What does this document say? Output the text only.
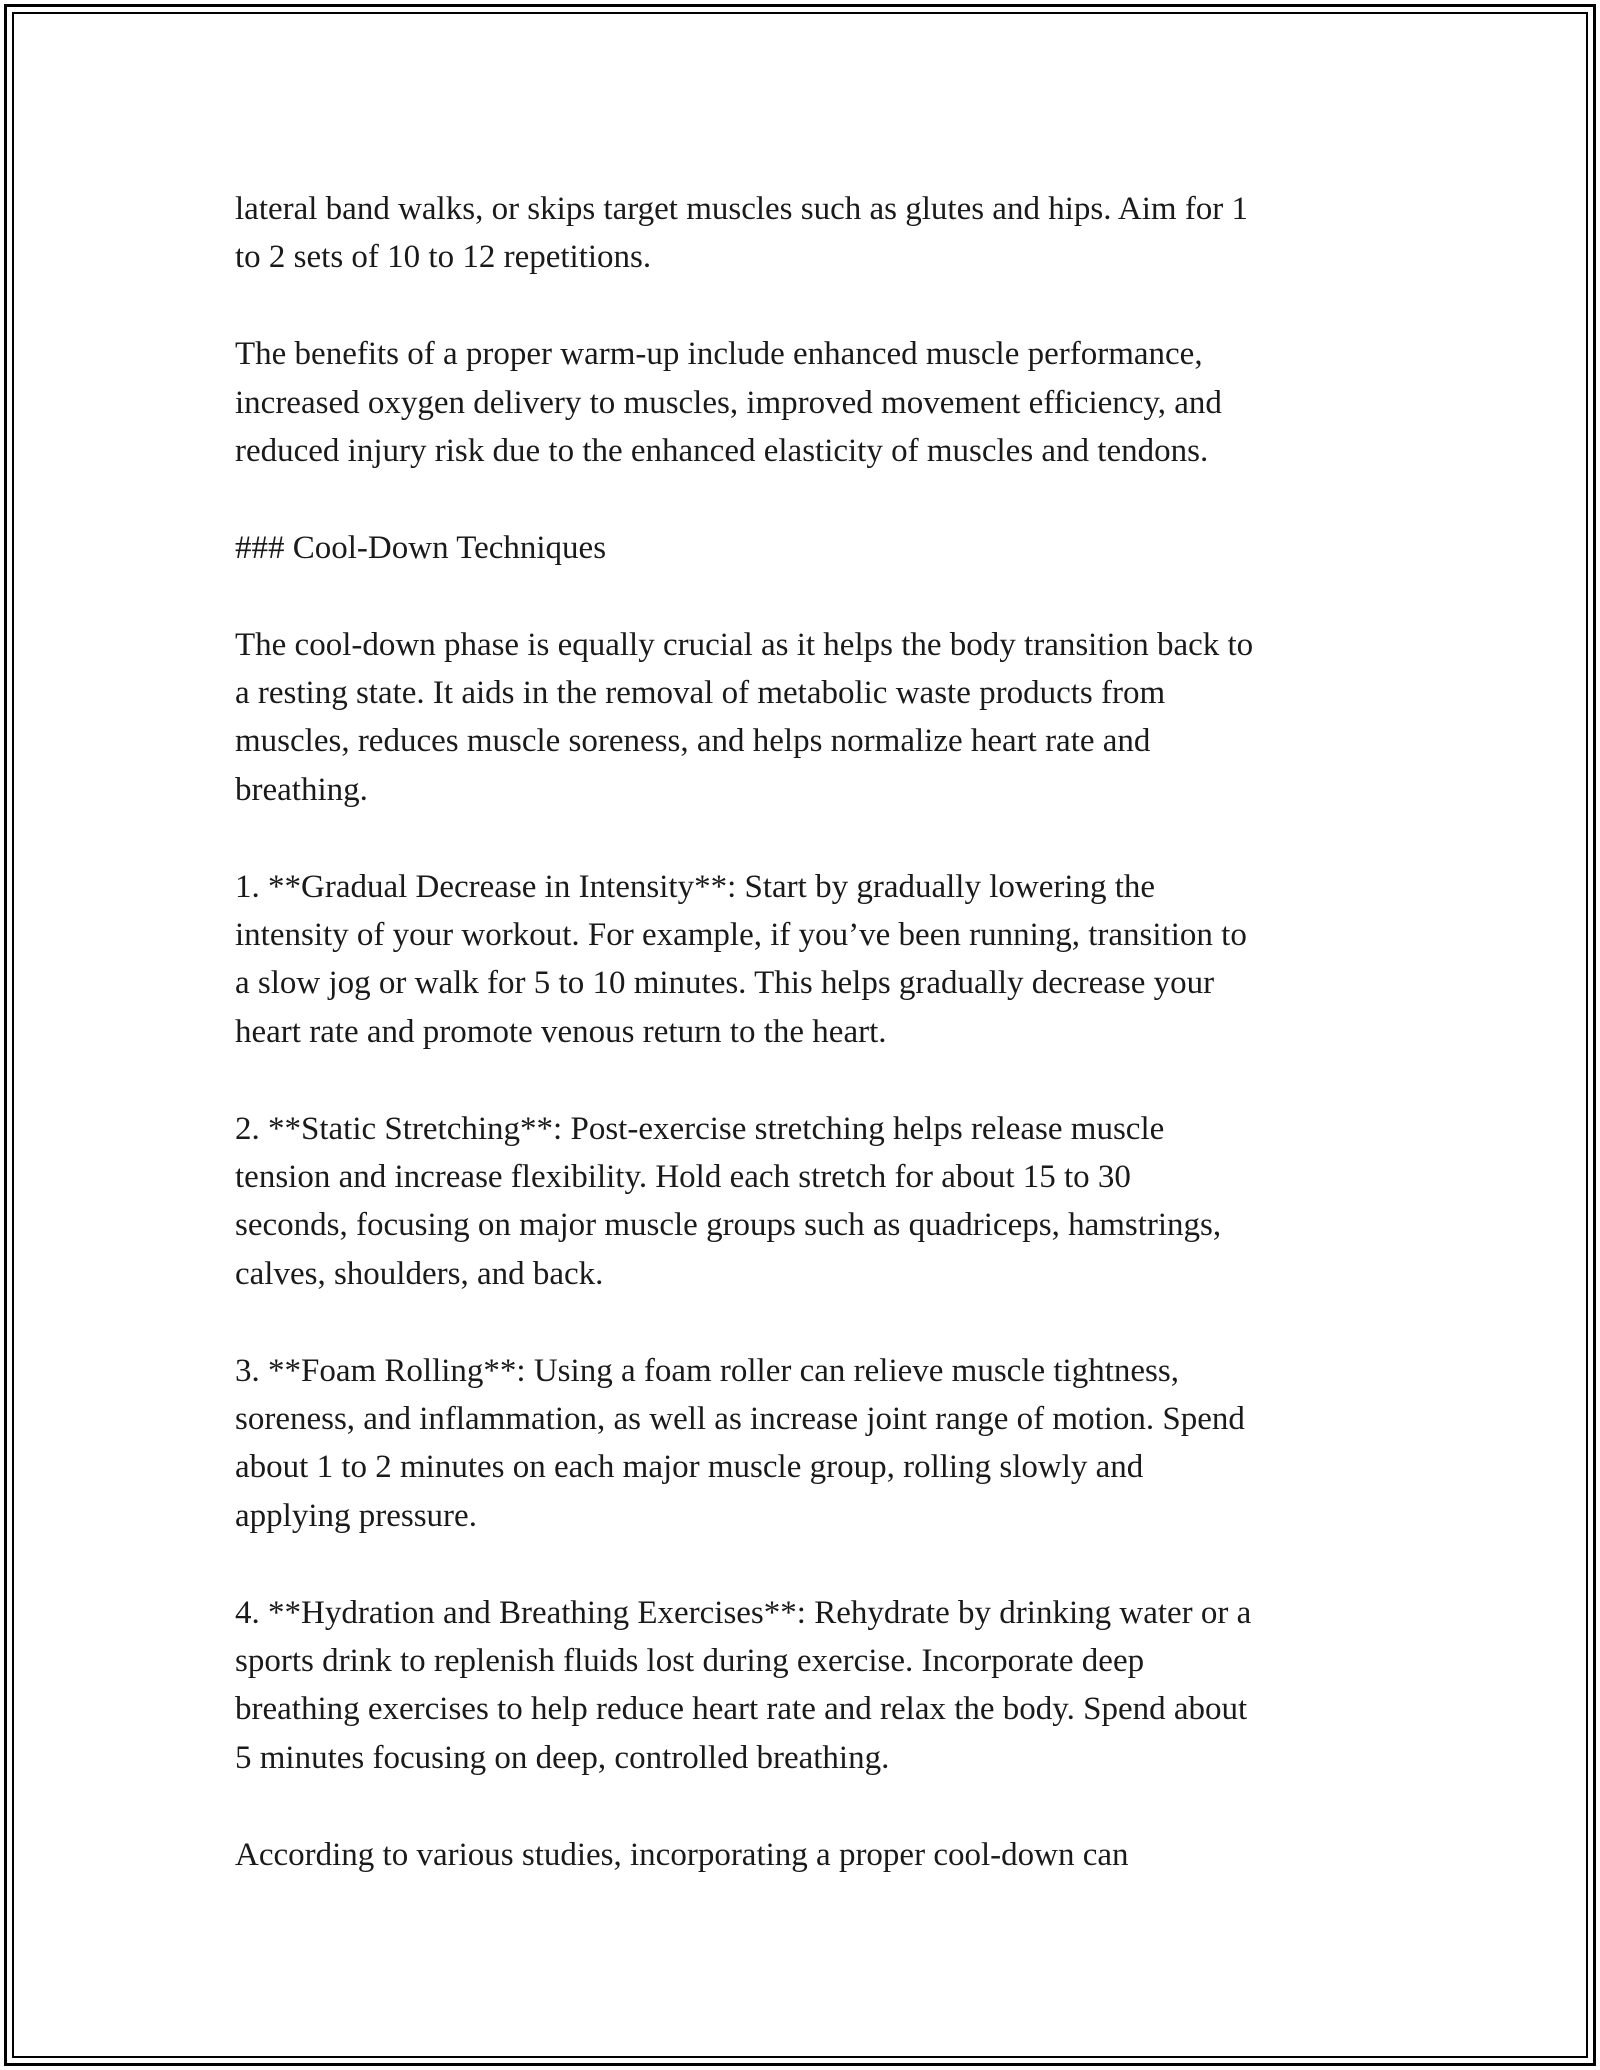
lateral band walks, or skips target muscles such as glutes and hips. Aim for 1
to 2 sets of 10 to 12 repetitions.

The benefits of a proper warm-up include enhanced muscle performance,
increased oxygen delivery to muscles, improved movement efficiency, and
reduced injury risk due to the enhanced elasticity of muscles and tendons.

### Cool-Down Techniques

The cool-down phase is equally crucial as it helps the body transition back to
a resting state. It aids in the removal of metabolic waste products from
muscles, reduces muscle soreness, and helps normalize heart rate and
breathing.

1. **Gradual Decrease in Intensity**: Start by gradually lowering the
intensity of your workout. For example, if you’ve been running, transition to
a slow jog or walk for 5 to 10 minutes. This helps gradually decrease your
heart rate and promote venous return to the heart.

2. **Static Stretching**: Post-exercise stretching helps release muscle
tension and increase flexibility. Hold each stretch for about 15 to 30
seconds, focusing on major muscle groups such as quadriceps, hamstrings,
calves, shoulders, and back.

3. **Foam Rolling**: Using a foam roller can relieve muscle tightness,
soreness, and inflammation, as well as increase joint range of motion. Spend
about 1 to 2 minutes on each major muscle group, rolling slowly and
applying pressure.

4. **Hydration and Breathing Exercises**: Rehydrate by drinking water or a
sports drink to replenish fluids lost during exercise. Incorporate deep
breathing exercises to help reduce heart rate and relax the body. Spend about
5 minutes focusing on deep, controlled breathing.

According to various studies, incorporating a proper cool-down can
